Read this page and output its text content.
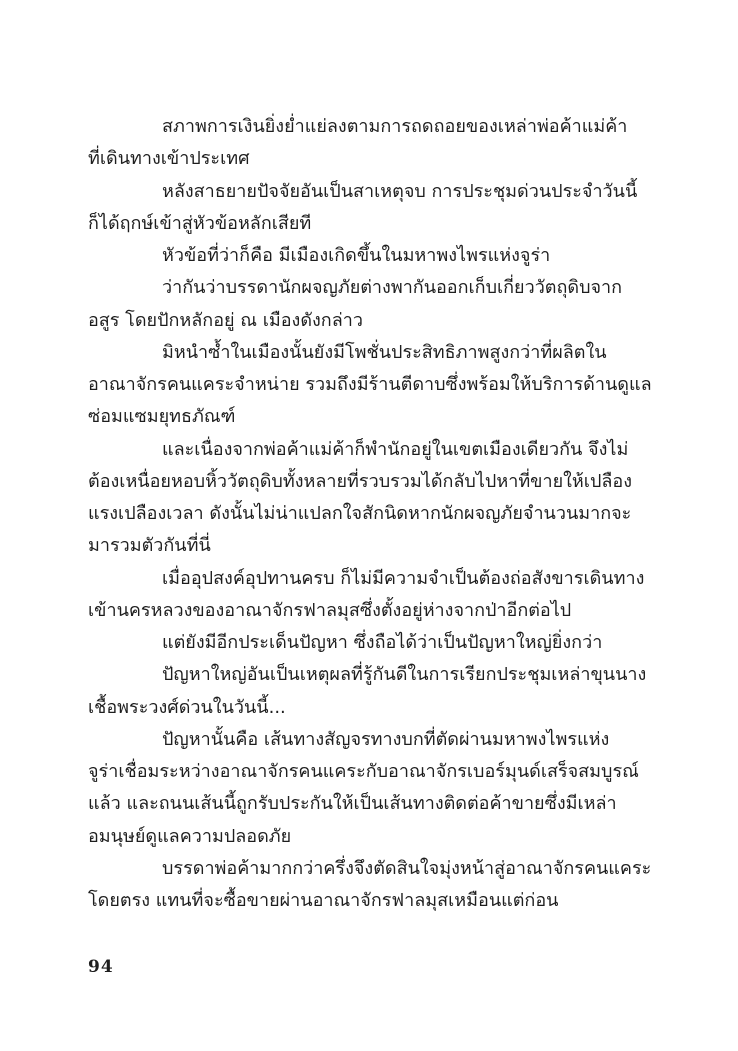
สภาพการเงินยิ่งย่ำแย่ลงตามการถดถอยของเหล่าพ่อค้าแม่ค้า
ที่เดินทางเข้าประเทศ
หลังสาธยายปัจจัยอันเป็นสาเหตุจบ การประชุมด่วนประจำวันนี้
ก็ได้ฤกษ์เข้าสู่หัวข้อหลักเสียที
หัวข้อที่ว่าก็คือ มีเมืองเกิดขึ้นในมหาพงไพรแห่งจูร่า
ว่ากันว่าบรรดานักผจญภัยต่างพากันออกเก็บเกี่ยววัตถุดิบจาก
อสูร โดยปักหลักอยู่ ณ เมืองดังกล่าว
มิหนำซ้ำในเมืองนั้นยังมีโพชั่นประสิทธิภาพสูงกว่าที่ผลิตใน
อาณาจักรคนแคระจำหน่าย รวมถึงมีร้านตีดาบซึ่งพร้อมให้บริการด้านดูแล
ซ่อมแซมยุทธภัณฑ์
และเนื่องจากพ่อค้าแม่ค้าก็พำนักอยู่ในเขตเมืองเดียวกัน จึงไม่
ต้องเหนื่อยหอบหิ้ววัตถุดิบทั้งหลายที่รวบรวมได้กลับไปหาที่ขายให้เปลือง
แรงเปลืองเวลา ดังนั้นไม่น่าแปลกใจสักนิดหากนักผจญภัยจำนวนมากจะ
มารวมตัวกันที่นี่
เมื่ออุปสงค์อุปทานครบ ก็ไม่มีความจำเป็นต้องถ่อสังขารเดินทาง
เข้านครหลวงของอาณาจักรฟาลมุสซึ่งตั้งอยู่ห่างจากป่าอีกต่อไป
แต่ยังมีอีกประเด็นปัญหา ซึ่งถือได้ว่าเป็นปัญหาใหญ่ยิ่งกว่า
ปัญหาใหญ่อันเป็นเหตุผลที่รู้กันดีในการเรียกประชุมเหล่าขุนนาง
เชื้อพระวงศ์ด่วนในวันนี้...
ปัญหานั้นคือ เส้นทางสัญจรทางบกที่ตัดผ่านมหาพงไพรแห่ง
จูร่าเชื่อมระหว่างอาณาจักรคนแคระกับอาณาจักรเบอร์มุนด์เสร็จสมบูรณ์
แล้ว และถนนเส้นนี้ถูกรับประกันให้เป็นเส้นทางติดต่อค้าขายซึ่งมีเหล่า
อมนุษย์ดูแลความปลอดภัย
บรรดาพ่อค้ามากกว่าครึ่งจึงตัดสินใจมุ่งหน้าสู่อาณาจักรคนแคระ
โดยตรง แทนที่จะซื้อขายผ่านอาณาจักรฟาลมุสเหมือนแต่ก่อน
94
